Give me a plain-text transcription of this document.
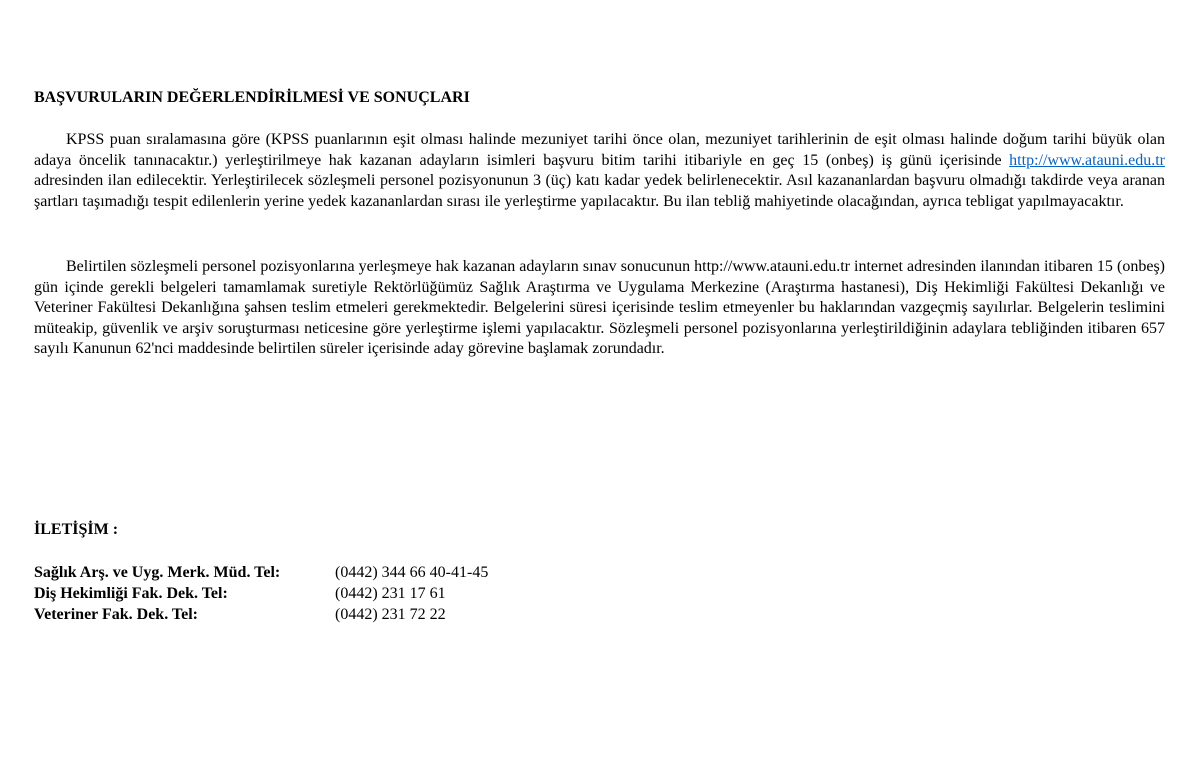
BAŞVURULARIN DEĞERLENDİRİLMESİ VE SONUÇLARI

KPSS puan sıralamasına göre (KPSS puanlarının eşit olması halinde mezuniyet tarihi önce olan, mezuniyet tarihlerinin de eşit olması halinde doğum tarihi büyük olan adaya öncelik tanınacaktır.) yerleştirilmeye hak kazanan adayların isimleri başvuru bitim tarihi itibariyle en geç 15 (onbeş) iş günü içerisinde http://www.atauni.edu.tr adresinden ilan edilecektir. Yerleştirilecek sözleşmeli personel pozisyonunun 3 (üç) katı kadar yedek belirlenecektir. Asıl kazananlardan başvuru olmadığı takdirde veya aranan şartları taşımadığı tespit edilenlerin yerine yedek kazananlardan sırası ile yerleştirme yapılacaktır. Bu ilan tebliğ mahiyetinde olacağından, ayrıca tebligat yapılmayacaktır.

Belirtilen sözleşmeli personel pozisyonlarına yerleşmeye hak kazanan adayların sınav sonucunun http://www.atauni.edu.tr internet adresinden ilanından itibaren 15 (onbeş) gün içinde gerekli belgeleri tamamlamak suretiyle Rektörlüğümüz Sağlık Araştırma ve Uygulama Merkezine (Araştırma hastanesi), Diş Hekimliği Fakültesi Dekanlığı ve Veteriner Fakültesi Dekanlığına şahsen teslim etmeleri gerekmektedir. Belgelerini süresi içerisinde teslim etmeyenler bu haklarından vazgeçmiş sayılırlar. Belgelerin teslimini müteakip, güvenlik ve arşiv soruşturması neticesine göre yerleştirme işlemi yapılacaktır. Sözleşmeli personel pozisyonlarına yerleştirildiğinin adaylara tebliğinden itibaren 657 sayılı Kanunun 62'nci maddesinde belirtilen süreler içerisinde aday görevine başlamak zorundadır.

İLETİŞİM :
Sağlık Arş. ve Uyg. Merk. Müd. Tel:	(0442) 344 66 40-41-45
Diş Hekimliği Fak. Dek. Tel:	(0442) 231 17 61
Veteriner Fak. Dek. Tel:	(0442) 231 72 22
